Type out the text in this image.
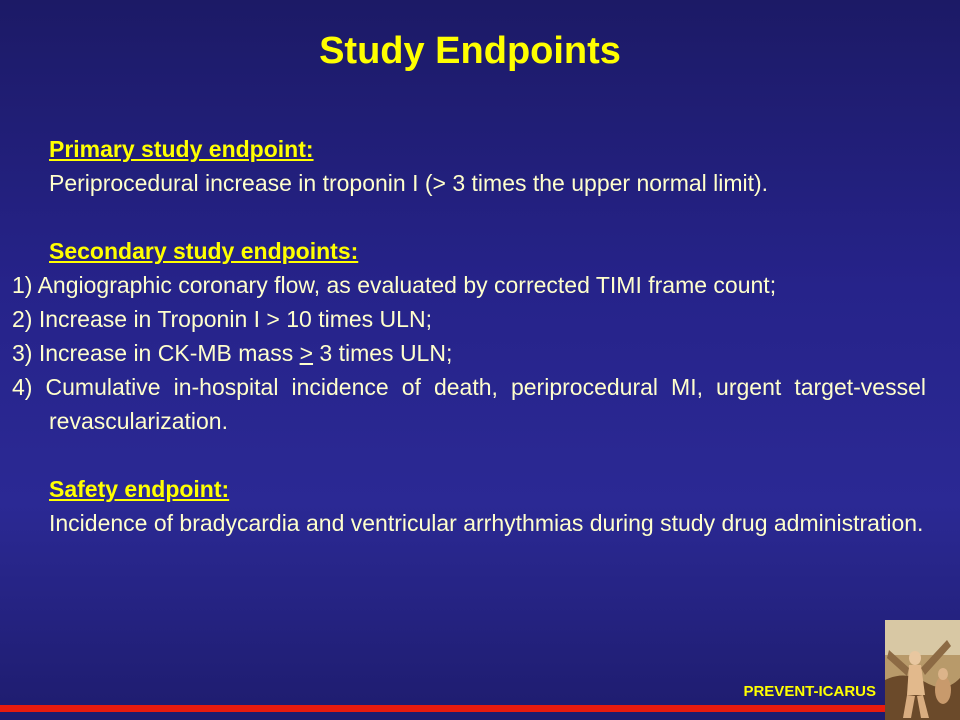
Study Endpoints
Primary study endpoint:
Periprocedural increase in troponin I (> 3 times the upper normal limit).
Secondary study endpoints:
1) Angiographic coronary flow, as evaluated by corrected TIMI frame count;
2) Increase in Troponin I > 10 times ULN;
3) Increase in CK-MB mass > 3 times ULN;
4) Cumulative in-hospital incidence of death, periprocedural MI, urgent target-vessel revascularization.
Safety endpoint:
Incidence of bradycardia and ventricular arrhythmias during study drug administration.
PREVENT-ICARUS
